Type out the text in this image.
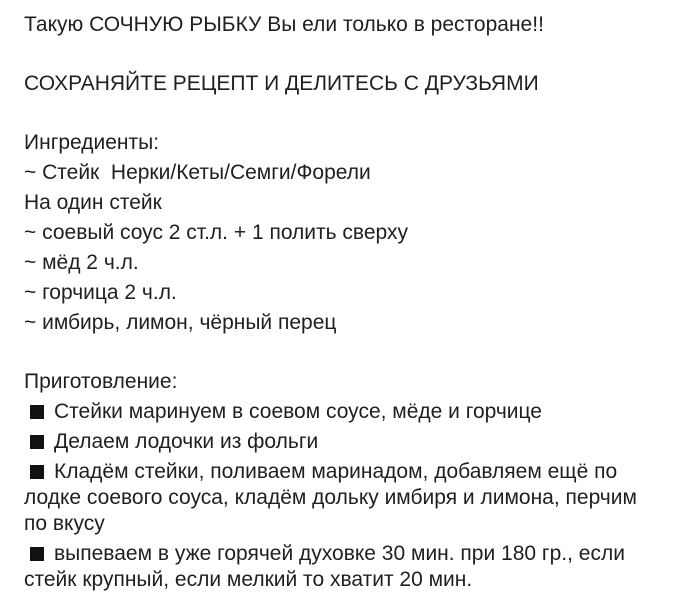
Такую СОЧНУЮ РЫБКУ Вы ели только в ресторане!!

СОХРАНЯЙТЕ РЕЦЕПТ И ДЕЛИТЕСЬ С ДРУЗЬЯМИ

Ингредиенты:

~ Стейк  Нерки/Кеты/Семги/Форели

На один стейк

~ соевый соус 2 ст.л. + 1 полить сверху

~ мёд 2 ч.л.

~ горчица 2 ч.л.

~ имбирь, лимон, чёрный перец

Приготовление:

Стейки маринуем в соевом соусе, мёде и горчице

Делаем лодочки из фольги

Кладём стейки, поливаем маринадом, добавляем ещё по лодке соевого соуса, кладём дольку имбиря и лимона, перчим по вкусу

выпеваем в уже горячей духовке 30 мин. при 180 гр., если стейк крупный, если мелкий то хватит 20 мин.
